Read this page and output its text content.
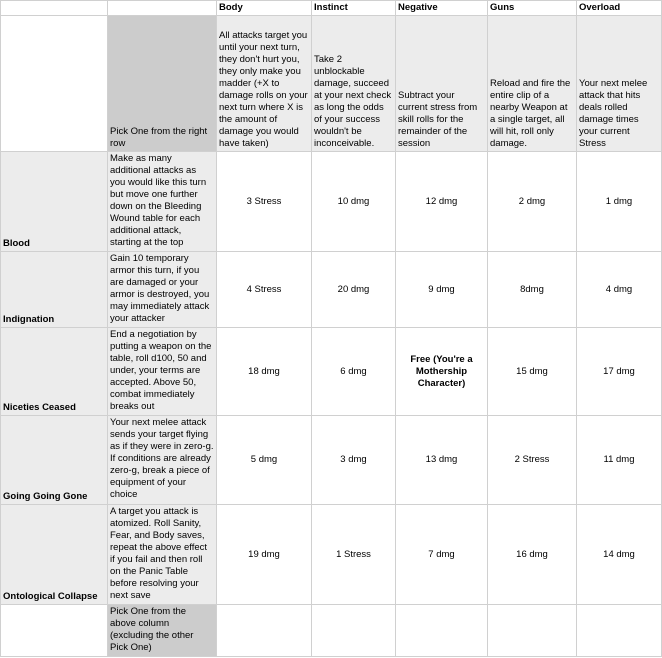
		Body	Instinct	Negative	Guns	Overload
	Pick One from the right row	All attacks target you until your next turn, they don't hurt you, they only make you madder (+X to damage rolls on your next turn where X is the amount of damage you would have taken)	Take 2 unblockable damage, succeed at your next check as long the odds of your success wouldn't be inconceivable.	Subtract your current stress from skill rolls for the remainder of the session	Reload and fire the entire clip of a nearby Weapon at a single target, all will hit, roll only damage.	Your next melee attack that hits deals rolled damage times your current Stress
Blood	Make as many additional attacks as you would like this turn but move one further down on the Bleeding Wound table for each additional attack, starting at the top	3 Stress	10 dmg	12 dmg	2 dmg	1 dmg
Indignation	Gain 10 temporary armor this turn, if you are damaged or your armor is destroyed, you may immediately attack your attacker	4 Stress	20 dmg	9 dmg	8dmg	4 dmg
Niceties Ceased	End a negotiation by putting a weapon on the table, roll d100, 50 and under, your terms are accepted. Above 50, combat immediately breaks out	18 dmg	6 dmg	Free (You're a Mothership Character)	15 dmg	17 dmg
Going Going Gone	Your next melee attack sends your target flying as if they were in zero-g. If conditions are already zero-g, break a piece of equipment of your choice	5 dmg	3 dmg	13 dmg	2 Stress	11 dmg
Ontological Collapse	A target you attack is atomized. Roll Sanity, Fear, and Body saves, repeat the above effect if you fail and then roll on the Panic Table before resolving your next save	19 dmg	1 Stress	7 dmg	16 dmg	14 dmg
	Pick One from the above column (excluding the other Pick One)					
